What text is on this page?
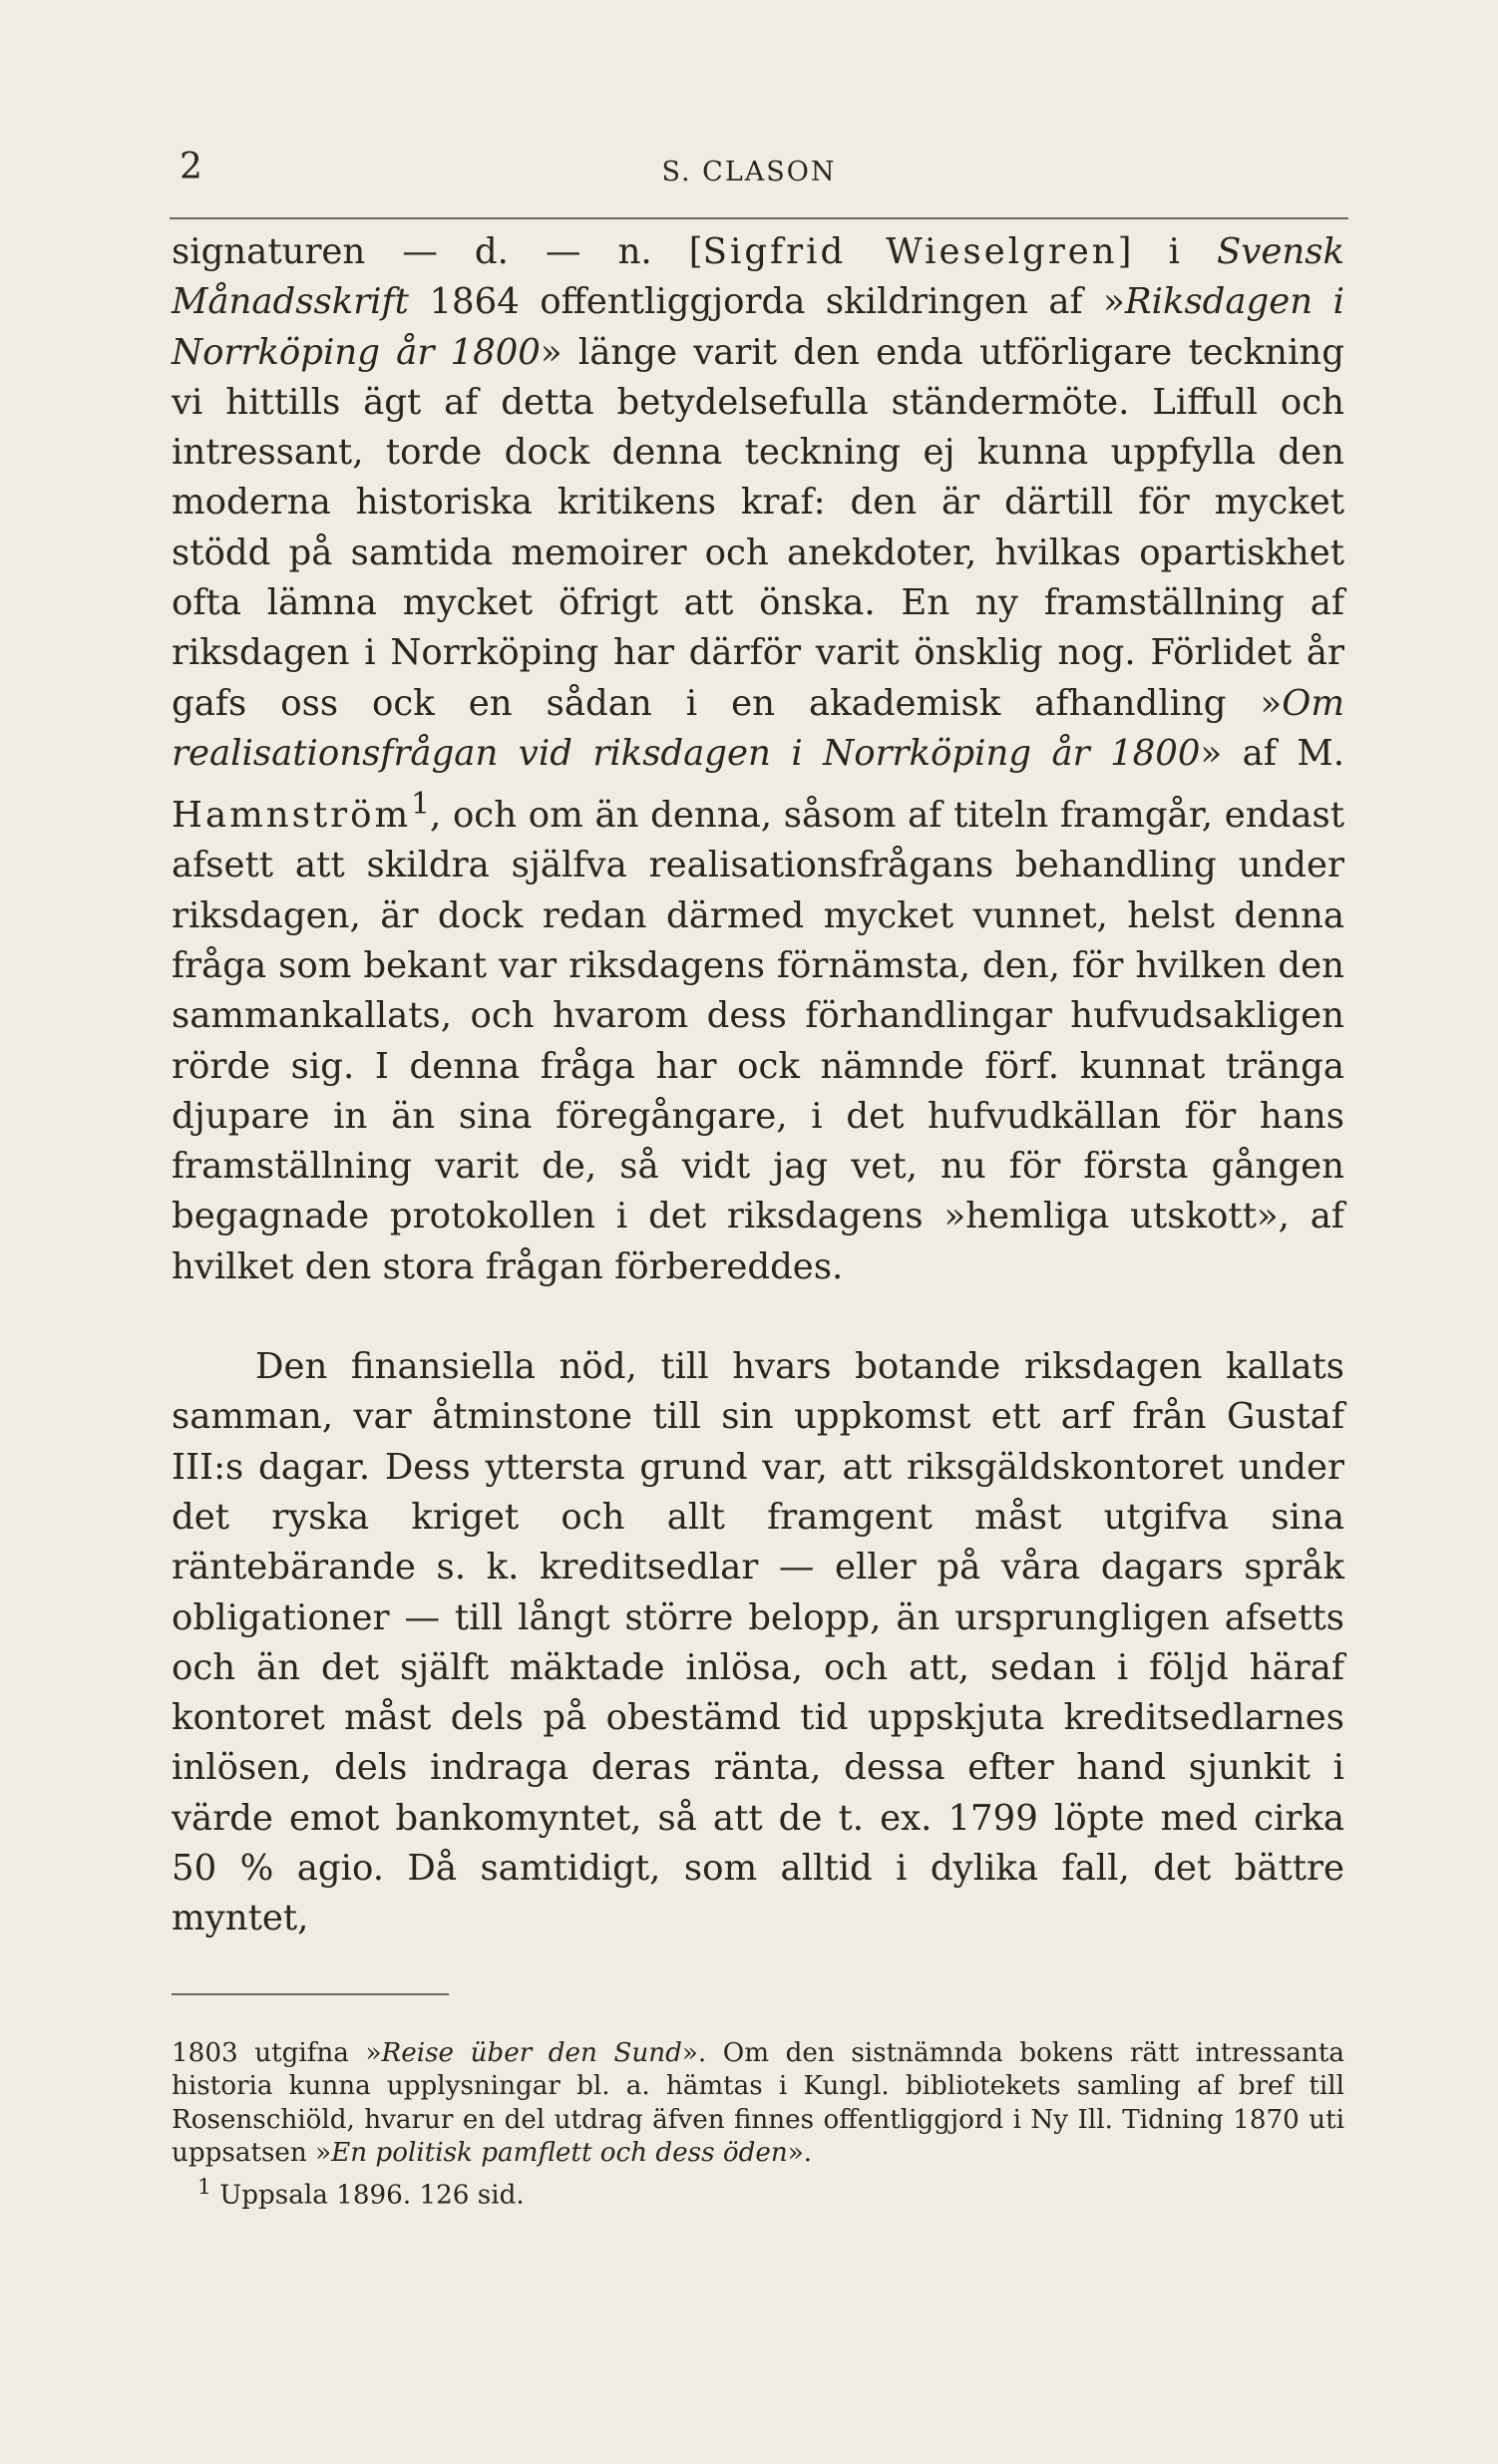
2	S. CLASON

signaturen — d. — n. [Sigfrid Wieselgren] i Svensk Månadsskrift 1864 offentliggjorda skildringen af »Riksdagen i Norrköping år 1800» länge varit den enda utförligare teckning vi hittills ägt af detta betydelsefulla ständermöte. Liffull och intressant, torde dock denna teckning ej kunna uppfylla den moderna historiska kritikens kraf: den är därtill för mycket stödd på samtida memoirer och anekdoter, hvilkas opartiskhet ofta lämna mycket öfrigt att önska. En ny framställning af riksdagen i Norrköping har därför varit önsklig nog. Förlidet år gafs oss ock en sådan i en akademisk afhandling »Om realisationsfrågan vid riksdagen i Norrköping år 1800» af M. Hamnström$^1$, och om än denna, såsom af titeln framgår, endast afsett att skildra själfva realisationsfrågans behandling under riksdagen, är dock redan därmed mycket vunnet, helst denna fråga som bekant var riksdagens förnämsta, den, för hvilken den sammankallats, och hvarom dess förhandlingar hufvudsakligen rörde sig. I denna fråga har ock nämnde förf. kunnat tränga djupare in än sina föregångare, i det hufvudkällan för hans framställning varit de, så vidt jag vet, nu för första gången begagnade protokollen i det riksdagens »hemliga utskott», af hvilket den stora frågan förbereddes.

Den finansiella nöd, till hvars botande riksdagen kallats samman, var åtminstone till sin uppkomst ett arf från Gustaf III:s dagar. Dess yttersta grund var, att riksgäldskontoret under det ryska kriget och allt framgent måst utgifva sina räntebärande s. k. kreditsedlar — eller på våra dagars språk obligationer — till långt större belopp, än ursprungligen afsetts och än det själft mäktade inlösa, och att, sedan i följd häraf kontoret måst dels på obestämd tid uppskjuta kreditsedlarnes inlösen, dels indraga deras ränta, dessa efter hand sjunkit i värde emot bankomyntet, så att de t. ex. 1799 löpte med cirka 50 % agio. Då samtidigt, som alltid i dylika fall, det bättre myntet,

1803 utgifna »Reise über den Sund». Om den sistnämnda bokens rätt intressanta historia kunna upplysningar bl. a. hämtas i Kungl. bibliotekets samling af bref till Rosenschiöld, hvarur en del utdrag äfven finnes offentliggjord i Ny Ill. Tidning 1870 uti uppsatsen »En politisk pamflett och dess öden».

$^1$ Uppsala 1896. 126 sid.
